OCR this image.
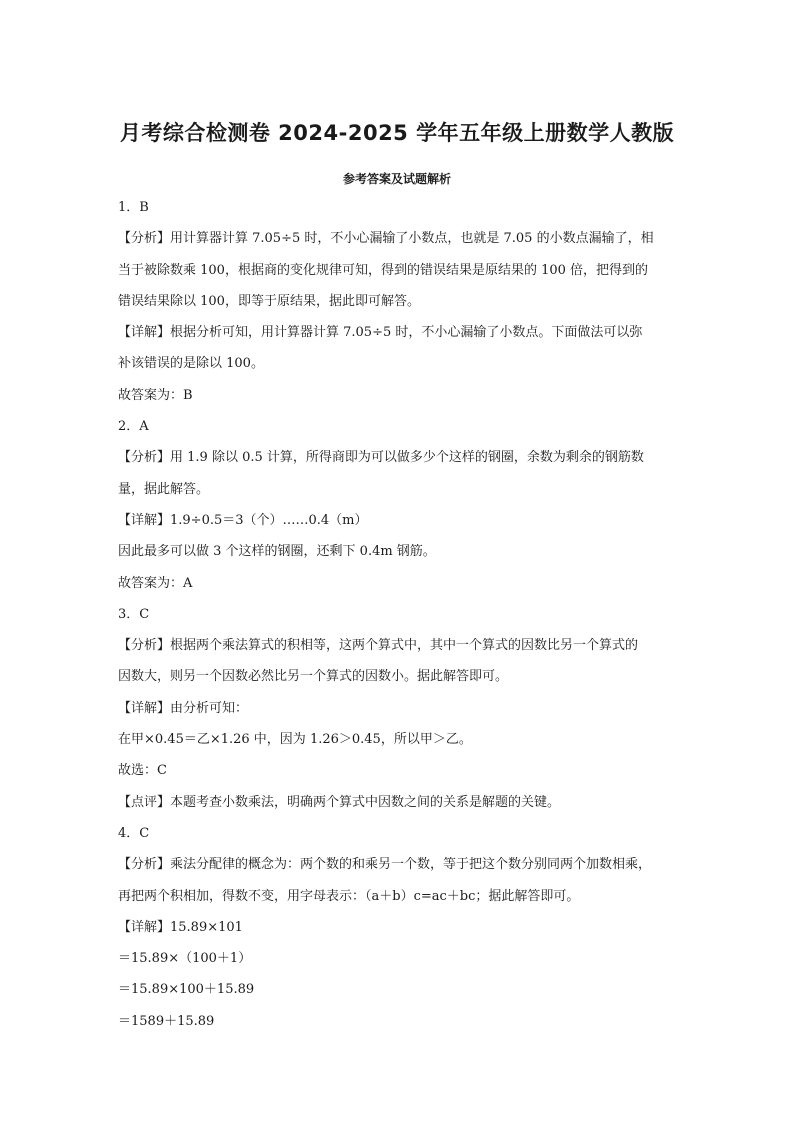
月考综合检测卷 2024-2025 学年五年级上册数学人教版
参考答案及试题解析
1．B
【分析】用计算器计算 7.05÷5 时，不小心漏输了小数点，也就是 7.05 的小数点漏输了，相
当于被除数乘 100，根据商的变化规律可知，得到的错误结果是原结果的 100 倍，把得到的
错误结果除以 100，即等于原结果，据此即可解答。
【详解】根据分析可知，用计算器计算 7.05÷5 时，不小心漏输了小数点。下面做法可以弥
补该错误的是除以 100。
故答案为：B
2．A
【分析】用 1.9 除以 0.5 计算，所得商即为可以做多少个这样的钢圈，余数为剩余的钢筋数
量，据此解答。
【详解】1.9÷0.5＝3（个）……0.4（m）
因此最多可以做 3 个这样的钢圈，还剩下 0.4m 钢筋。
故答案为：A
3．C
【分析】根据两个乘法算式的积相等，这两个算式中，其中一个算式的因数比另一个算式的
因数大，则另一个因数必然比另一个算式的因数小。据此解答即可。
【详解】由分析可知：
在甲×0.45＝乙×1.26 中，因为 1.26＞0.45，所以甲＞乙。
故选：C
【点评】本题考查小数乘法，明确两个算式中因数之间的关系是解题的关键。
4．C
【分析】乘法分配律的概念为：两个数的和乘另一个数，等于把这个数分别同两个加数相乘，
再把两个积相加，得数不变，用字母表示：（a＋b）c=ac＋bc；据此解答即可。
【详解】15.89×101
＝15.89×（100＋1）
＝15.89×100＋15.89
＝1589＋15.89
